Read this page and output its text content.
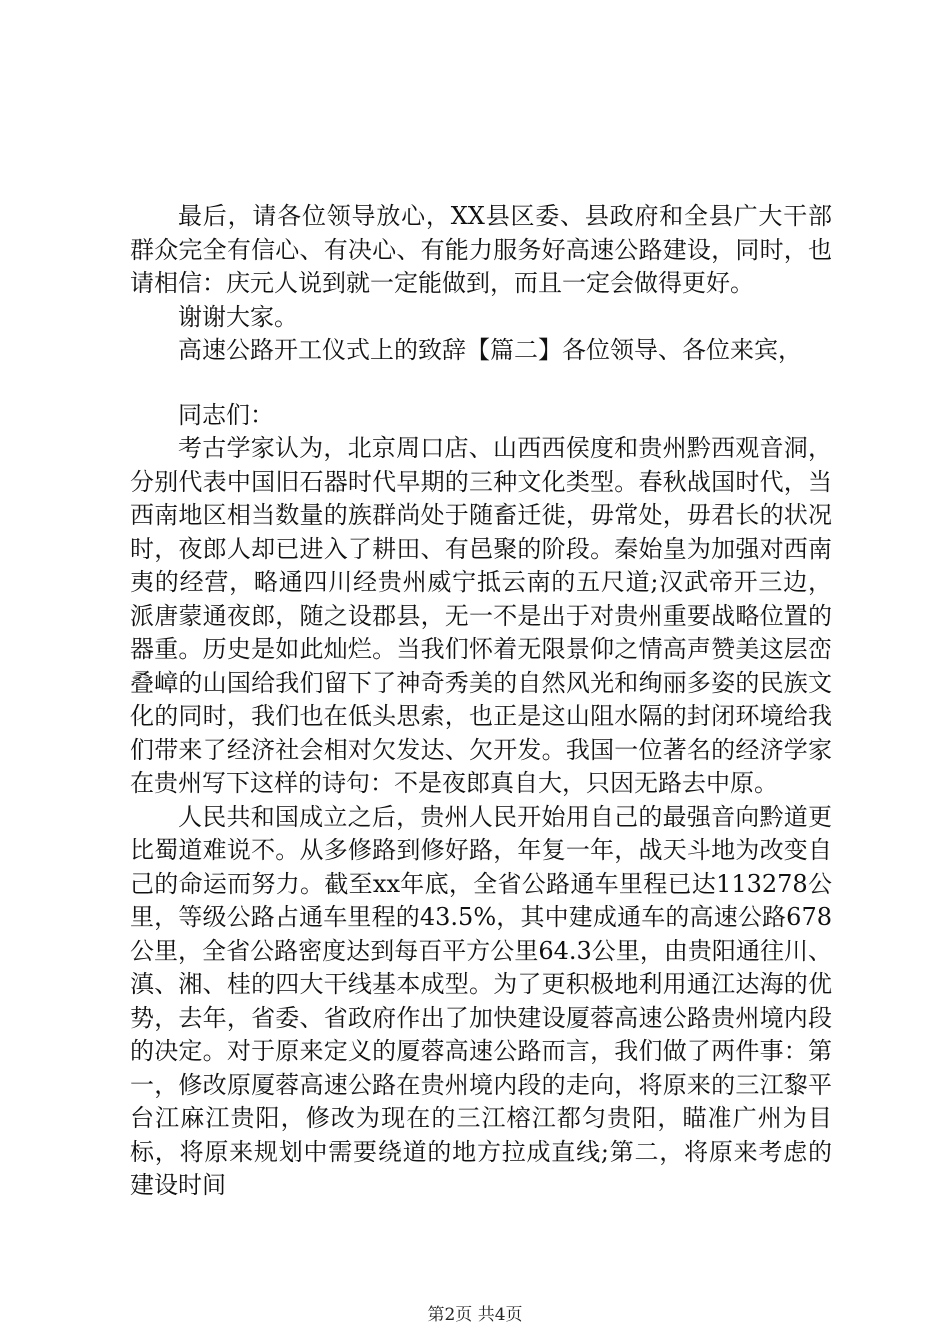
最后，请各位领导放心，XX县区委、县政府和全县广大干部群众完全有信心、有决心、有能力服务好高速公路建设，同时，也请相信：庆元人说到就一定能做到，而且一定会做得更好。

谢谢大家。

高速公路开工仪式上的致辞【篇二】各位领导、各位来宾，

同志们：

考古学家认为，北京周口店、山西西侯度和贵州黔西观音洞，分别代表中国旧石器时代早期的三种文化类型。春秋战国时代，当西南地区相当数量的族群尚处于随畜迁徙，毋常处，毋君长的状况时，夜郎人却已进入了耕田、有邑聚的阶段。秦始皇为加强对西南夷的经营，略通四川经贵州威宁抵云南的五尺道;汉武帝开三边，派唐蒙通夜郎，随之设郡县，无一不是出于对贵州重要战略位置的器重。历史是如此灿烂。当我们怀着无限景仰之情高声赞美这层峦叠嶂的山国给我们留下了神奇秀美的自然风光和绚丽多姿的民族文化的同时，我们也在低头思索，也正是这山阻水隔的封闭环境给我们带来了经济社会相对欠发达、欠开发。我国一位著名的经济学家在贵州写下这样的诗句：不是夜郎真自大，只因无路去中原。

人民共和国成立之后，贵州人民开始用自己的最强音向黔道更比蜀道难说不。从多修路到修好路，年复一年，战天斗地为改变自己的命运而努力。截至xx年底，全省公路通车里程已达113278公里，等级公路占通车里程的43.5%，其中建成通车的高速公路678公里，全省公路密度达到每百平方公里64.3公里，由贵阳通往川、滇、湘、桂的四大干线基本成型。为了更积极地利用通江达海的优势，去年，省委、省政府作出了加快建设厦蓉高速公路贵州境内段的决定。对于原来定义的厦蓉高速公路而言，我们做了两件事：第一，修改原厦蓉高速公路在贵州境内段的走向，将原来的三江黎平台江麻江贵阳，修改为现在的三江榕江都匀贵阳，瞄准广州为目标，将原来规划中需要绕道的地方拉成直线;第二，将原来考虑的建设时间

第2页 共4页
